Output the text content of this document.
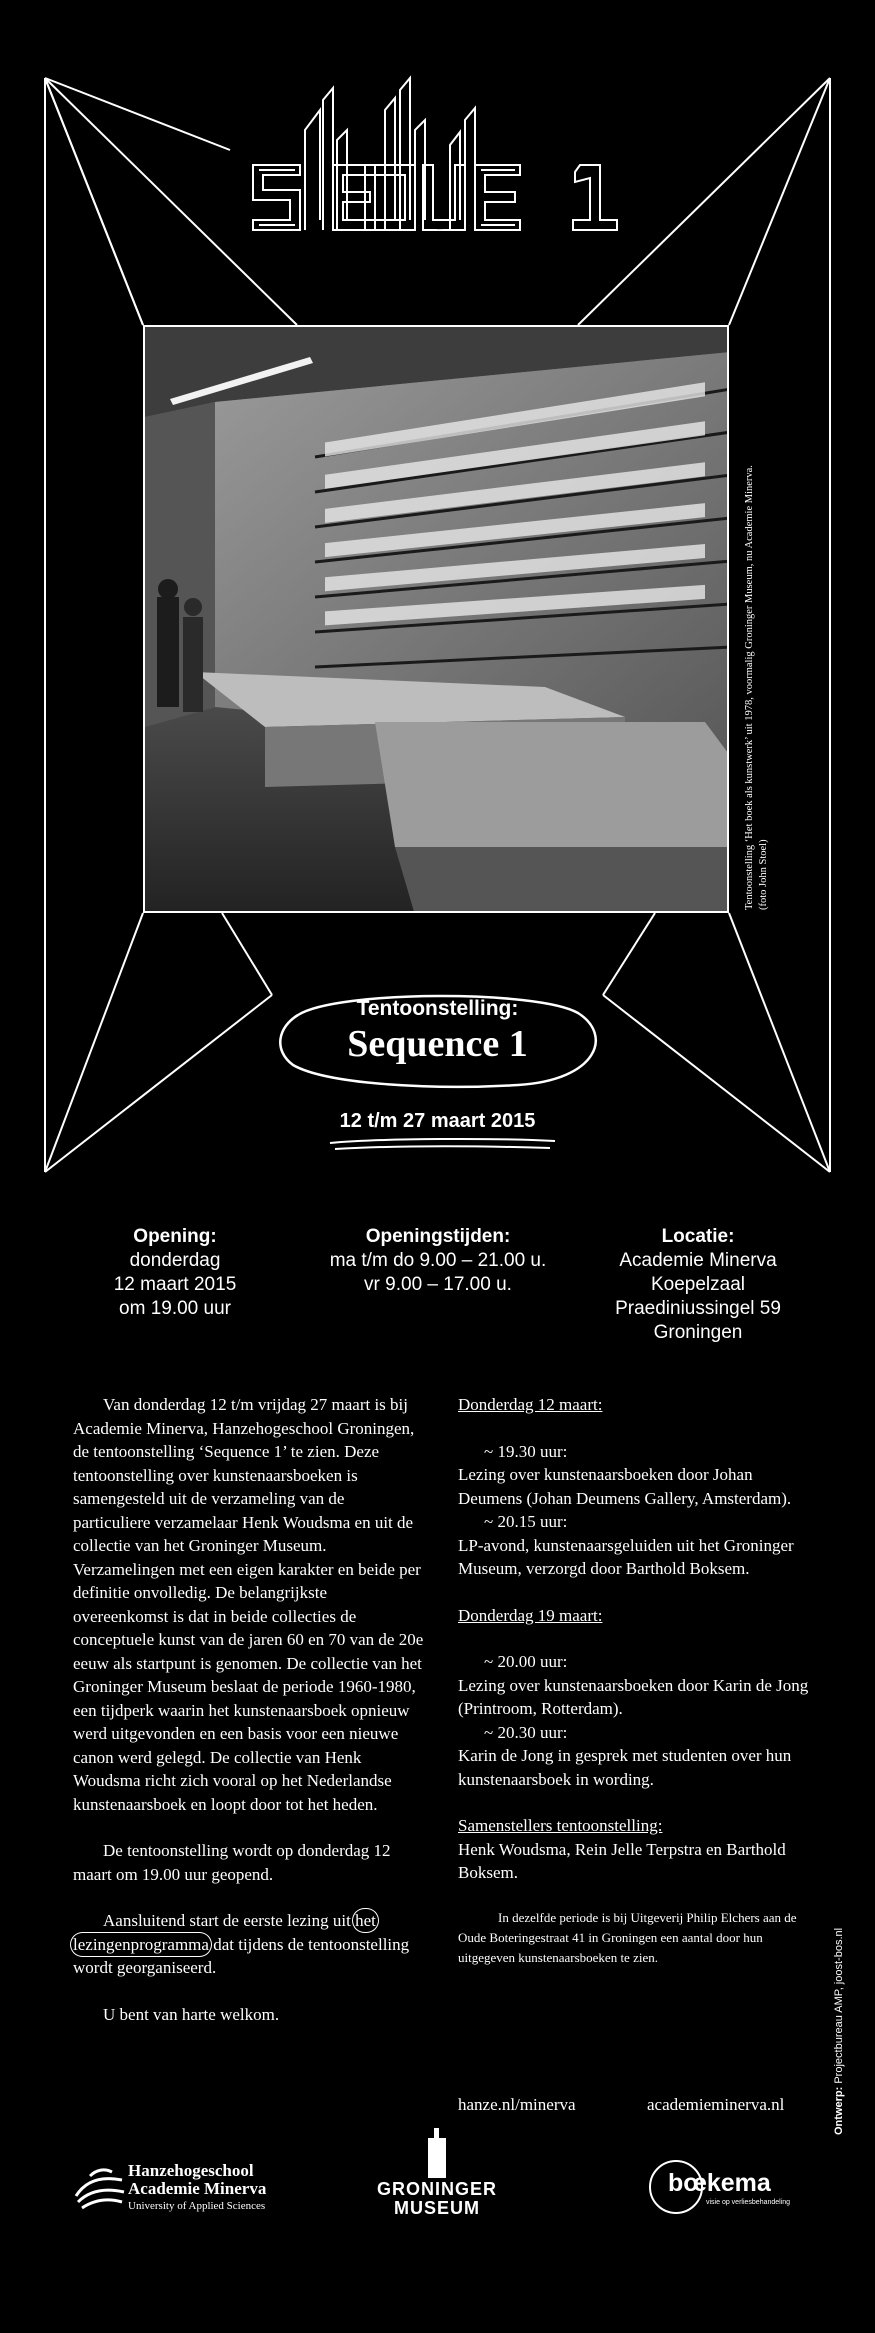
SEQUENCE 1

Tentoonstelling ‘Het boek als kunstwerk’ uit 1978, voormalig Groninger Museum, nu Academie Minerva. (foto John Stoel)

Tentoonstelling:
Sequence 1
12 t/m 27 maart 2015
Opening:
donderdag
12 maart 2015
om 19.00 uur
Openingstijden:
ma t/m do 9.00 – 21.00 u.
vr 9.00 – 17.00 u.
Locatie:
Academie Minerva
Koepelzaal
Praediniussingel 59
Groningen

Van donderdag 12 t/m vrijdag 27 maart is bij Academie Minerva, Hanzehogeschool Groningen, de tentoonstelling ‘Sequence 1’ te zien. Deze tentoonstelling over kunstenaarsboeken is samengesteld uit de verzameling van de particuliere verzamelaar Henk Woudsma en uit de collectie van het Groninger Museum. Verzamelingen met een eigen karakter en beide per definitie onvolledig. De belangrijkste overeenkomst is dat in beide collecties de conceptuele kunst van de jaren 60 en 70 van de 20e eeuw als startpunt is genomen. De collectie van het Groninger Museum beslaat de periode 1960-1980, een tijdperk waarin het kunstenaarsboek opnieuw werd uitgevonden en een basis voor een nieuwe canon werd gelegd. De collectie van Henk Woudsma richt zich vooral op het Nederlandse kunstenaarsboek en loopt door tot het heden.

De tentoonstelling wordt op donderdag 12 maart om 19.00 uur geopend.

Aansluitend start de eerste lezing uit het lezingenprogramma dat tijdens de tentoonstelling wordt georganiseerd.

U bent van harte welkom.

Donderdag 12 maart:
~ 19.30 uur:
Lezing over kunstenaarsboeken door Johan Deumens (Johan Deumens Gallery, Amsterdam).
~ 20.15 uur:
LP-avond, kunstenaarsgeluiden uit het Groninger Museum, verzorgd door Barthold Boksem.
Donderdag 19 maart:
~ 20.00 uur:
Lezing over kunstenaarsboeken door Karin de Jong (Printroom, Rotterdam).
~ 20.30 uur:
Karin de Jong in gesprek met studenten over hun kunstenaarsboek in wording.
Samenstellers tentoonstelling:
Henk Woudsma, Rein Jelle Terpstra en Barthold Boksem.
In dezelfde periode is bij Uitgeverij Philip Elchers aan de Oude Boteringestraat 41 in Groningen een aantal door hun uitgegeven kunstenaarsboeken te zien.
Ontwerp: Projectbureau AMP, joost-bos.nl
hanze.nl/minerva	academieminerva.nl
Hanzehogeschool
Academie Minerva
University of Applied Sciences
GRONINGER
MUSEUM
bœkema
visie op verliesbehandeling
